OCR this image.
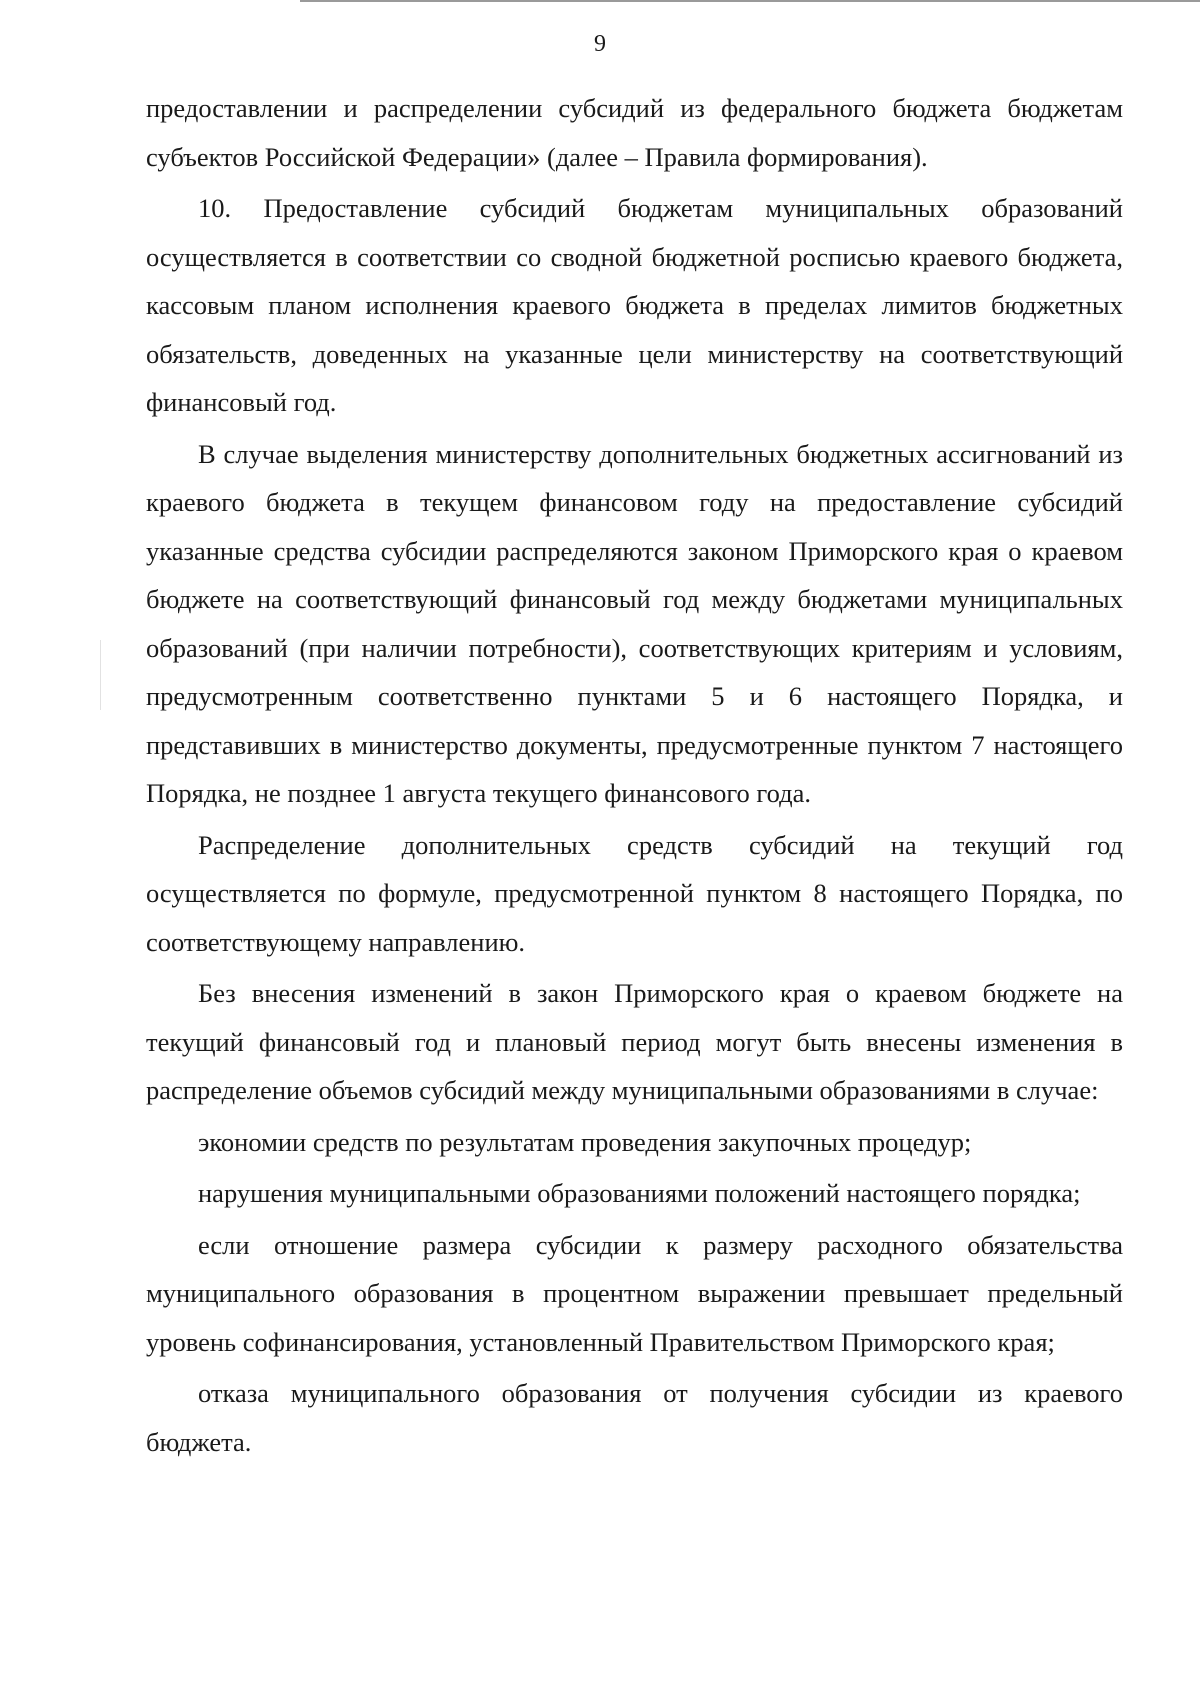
9

предоставлении и распределении субсидий из федерального бюджета бюджетам субъектов Российской Федерации» (далее – Правила формирования).

10. Предоставление субсидий бюджетам муниципальных образований осуществляется в соответствии со сводной бюджетной росписью краевого бюджета, кассовым планом исполнения краевого бюджета в пределах лимитов бюджетных обязательств, доведенных на указанные цели министерству на соответствующий финансовый год.

В случае выделения министерству дополнительных бюджетных ассигнований из краевого бюджета в текущем финансовом году на предоставление субсидий указанные средства субсидии распределяются законом Приморского края о краевом бюджете на соответствующий финансовый год между бюджетами муниципальных образований (при наличии потребности), соответствующих критериям и условиям, предусмотренным соответственно пунктами 5 и 6 настоящего Порядка, и представивших в министерство документы, предусмотренные пунктом 7 настоящего Порядка, не позднее 1 августа текущего финансового года.

Распределение дополнительных средств субсидий на текущий год осуществляется по формуле, предусмотренной пунктом 8 настоящего Порядка, по соответствующему направлению.

Без внесения изменений в закон Приморского края о краевом бюджете на текущий финансовый год и плановый период могут быть внесены изменения в распределение объемов субсидий между муниципальными образованиями в случае:

экономии средств по результатам проведения закупочных процедур;

нарушения муниципальными образованиями положений настоящего порядка;

если отношение размера субсидии к размеру расходного обязательства муниципального образования в процентном выражении превышает предельный уровень софинансирования, установленный Правительством Приморского края;

отказа муниципального образования от получения субсидии из краевого бюджета.
